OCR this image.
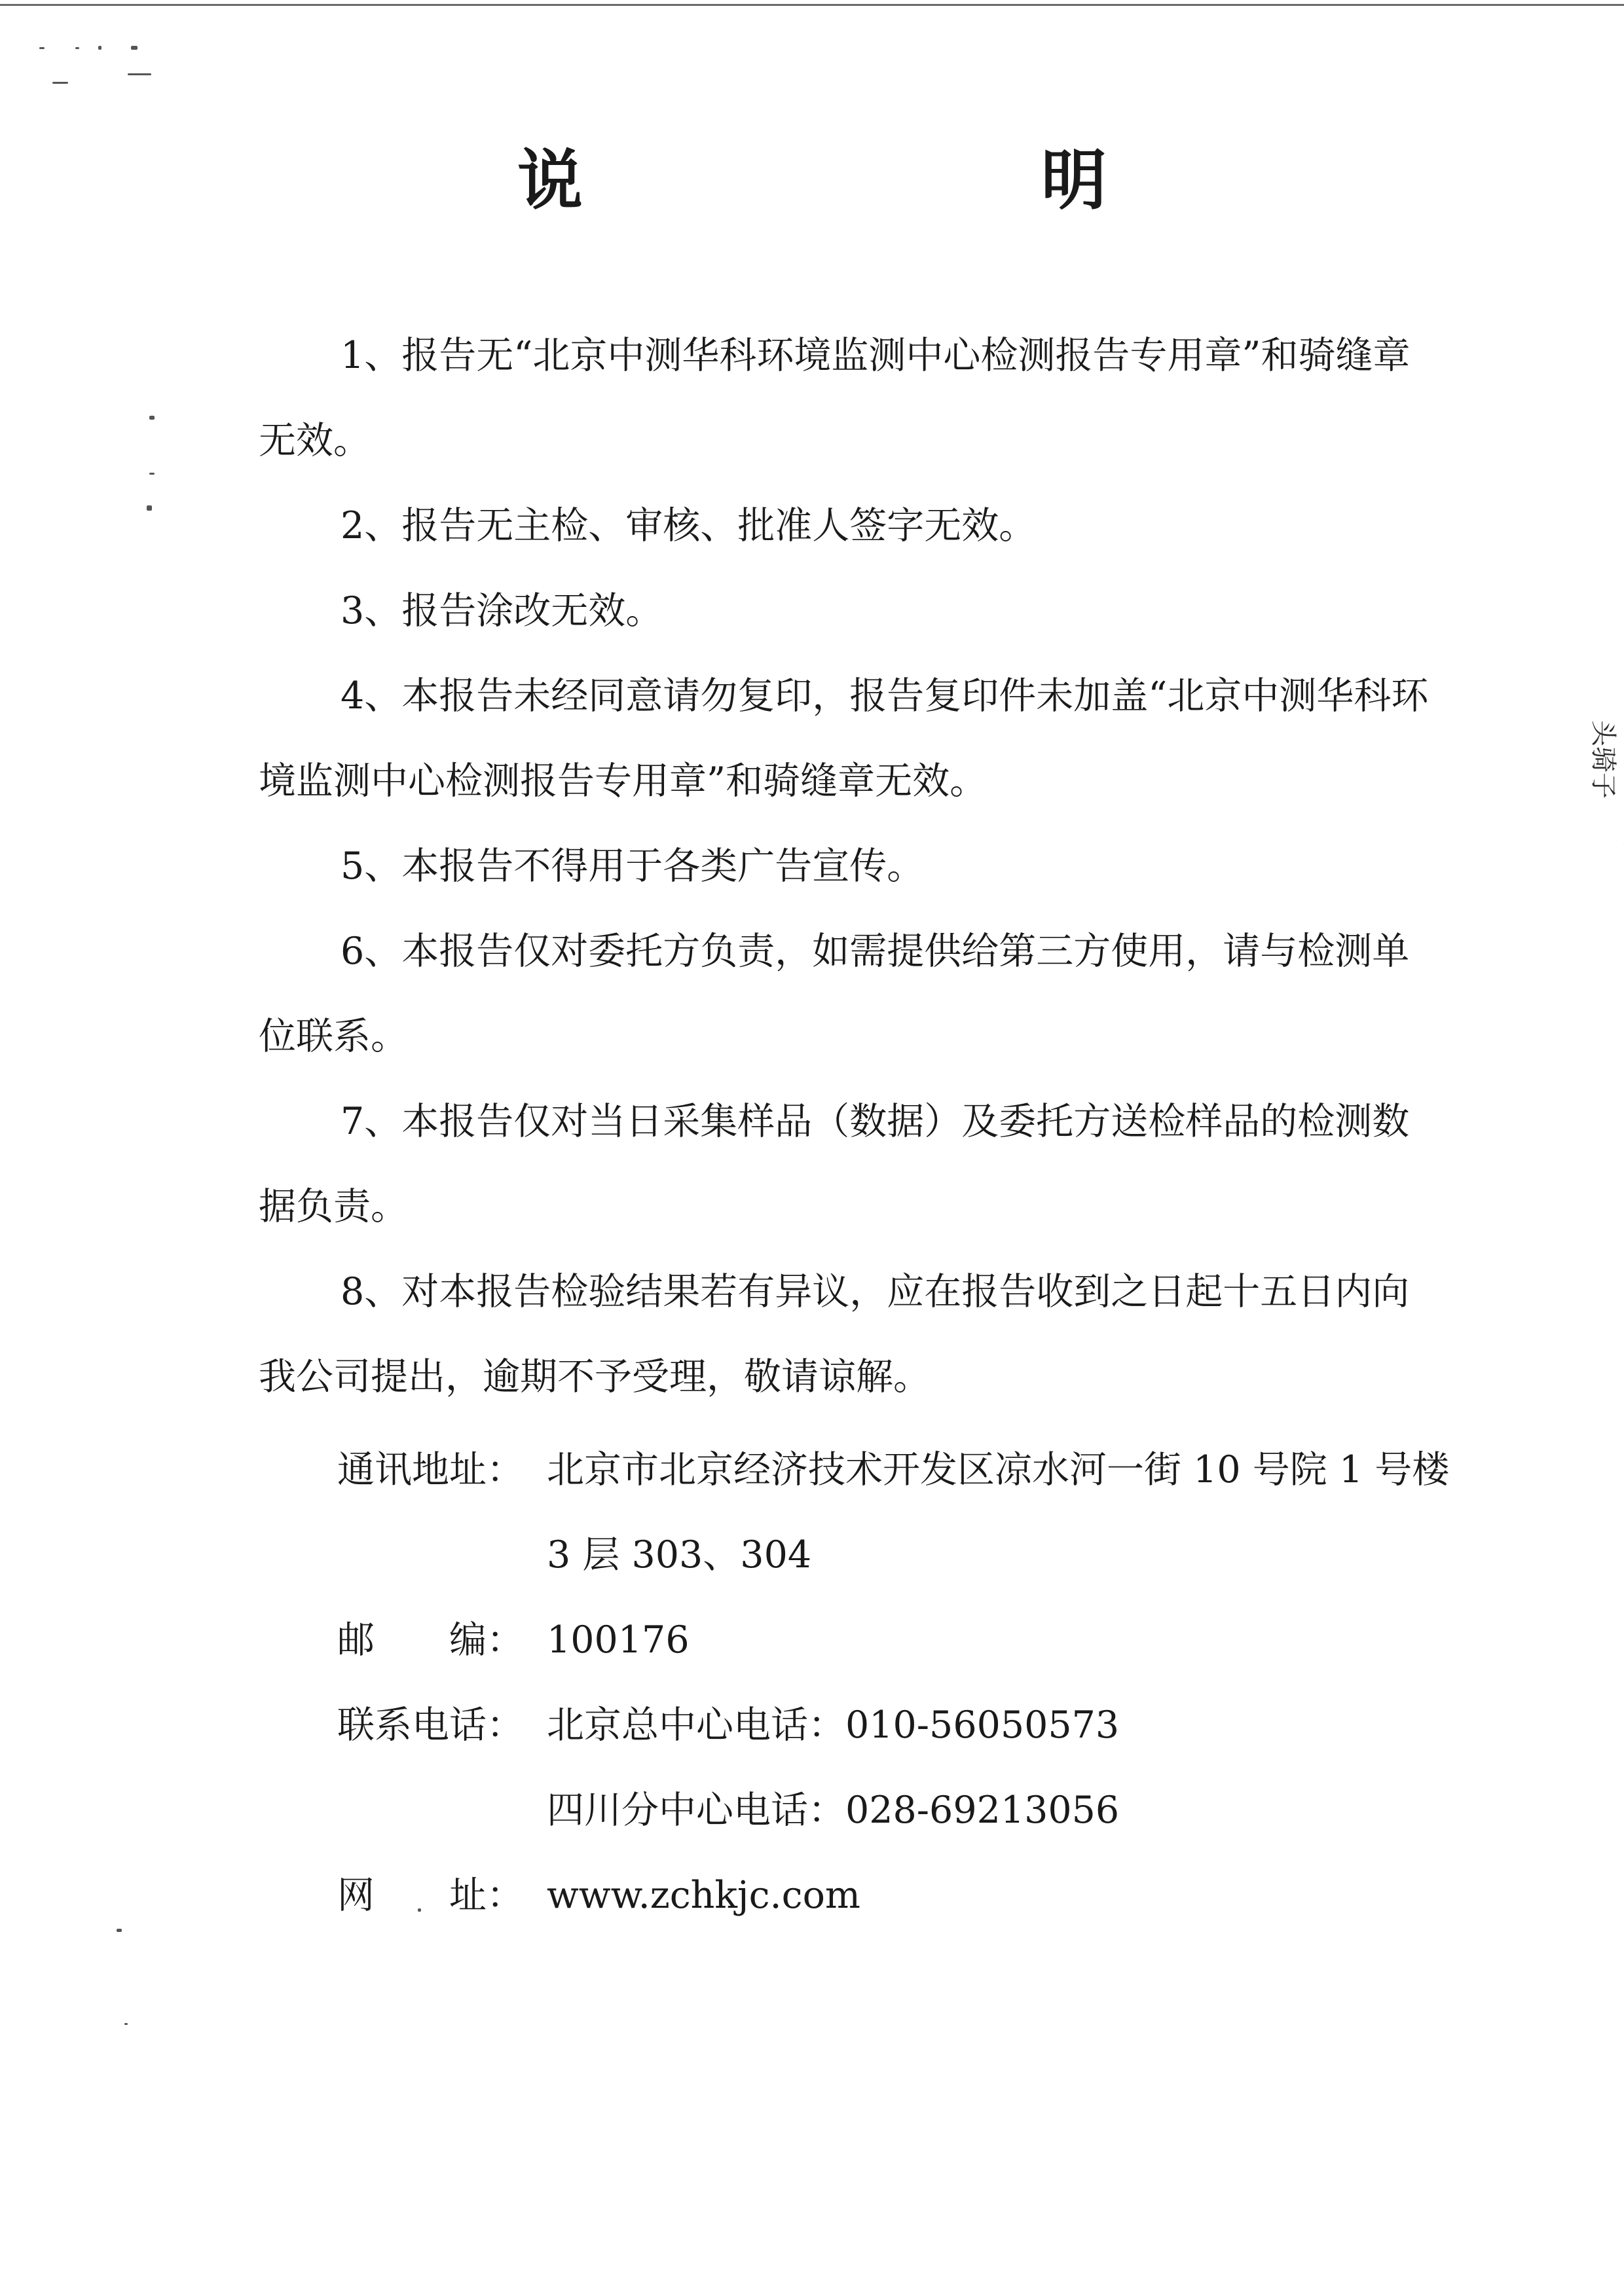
说　明

1、报告无“北京中测华科环境监测中心检测报告专用章”和骑缝章无效。

2、报告无主检、审核、批准人签字无效。

3、报告涂改无效。

4、本报告未经同意请勿复印，报告复印件未加盖“北京中测华科环境监测中心检测报告专用章”和骑缝章无效。

5、本报告不得用于各类广告宣传。

6、本报告仅对委托方负责，如需提供给第三方使用，请与检测单位联系。

7、本报告仅对当日采集样品（数据）及委托方送检样品的检测数据负责。

8、对本报告检验结果若有异议，应在报告收到之日起十五日内向我公司提出，逾期不予受理，敬请谅解。

通讯地址： 北京市北京经济技术开发区凉水河一街 10 号院 1 号楼 3 层 303、304
邮　　编： 100176
联系电话： 北京总中心电话：010-56050573
四川分中心电话：028-69213056
网　　址： www.zchkjc.com
头骑子
